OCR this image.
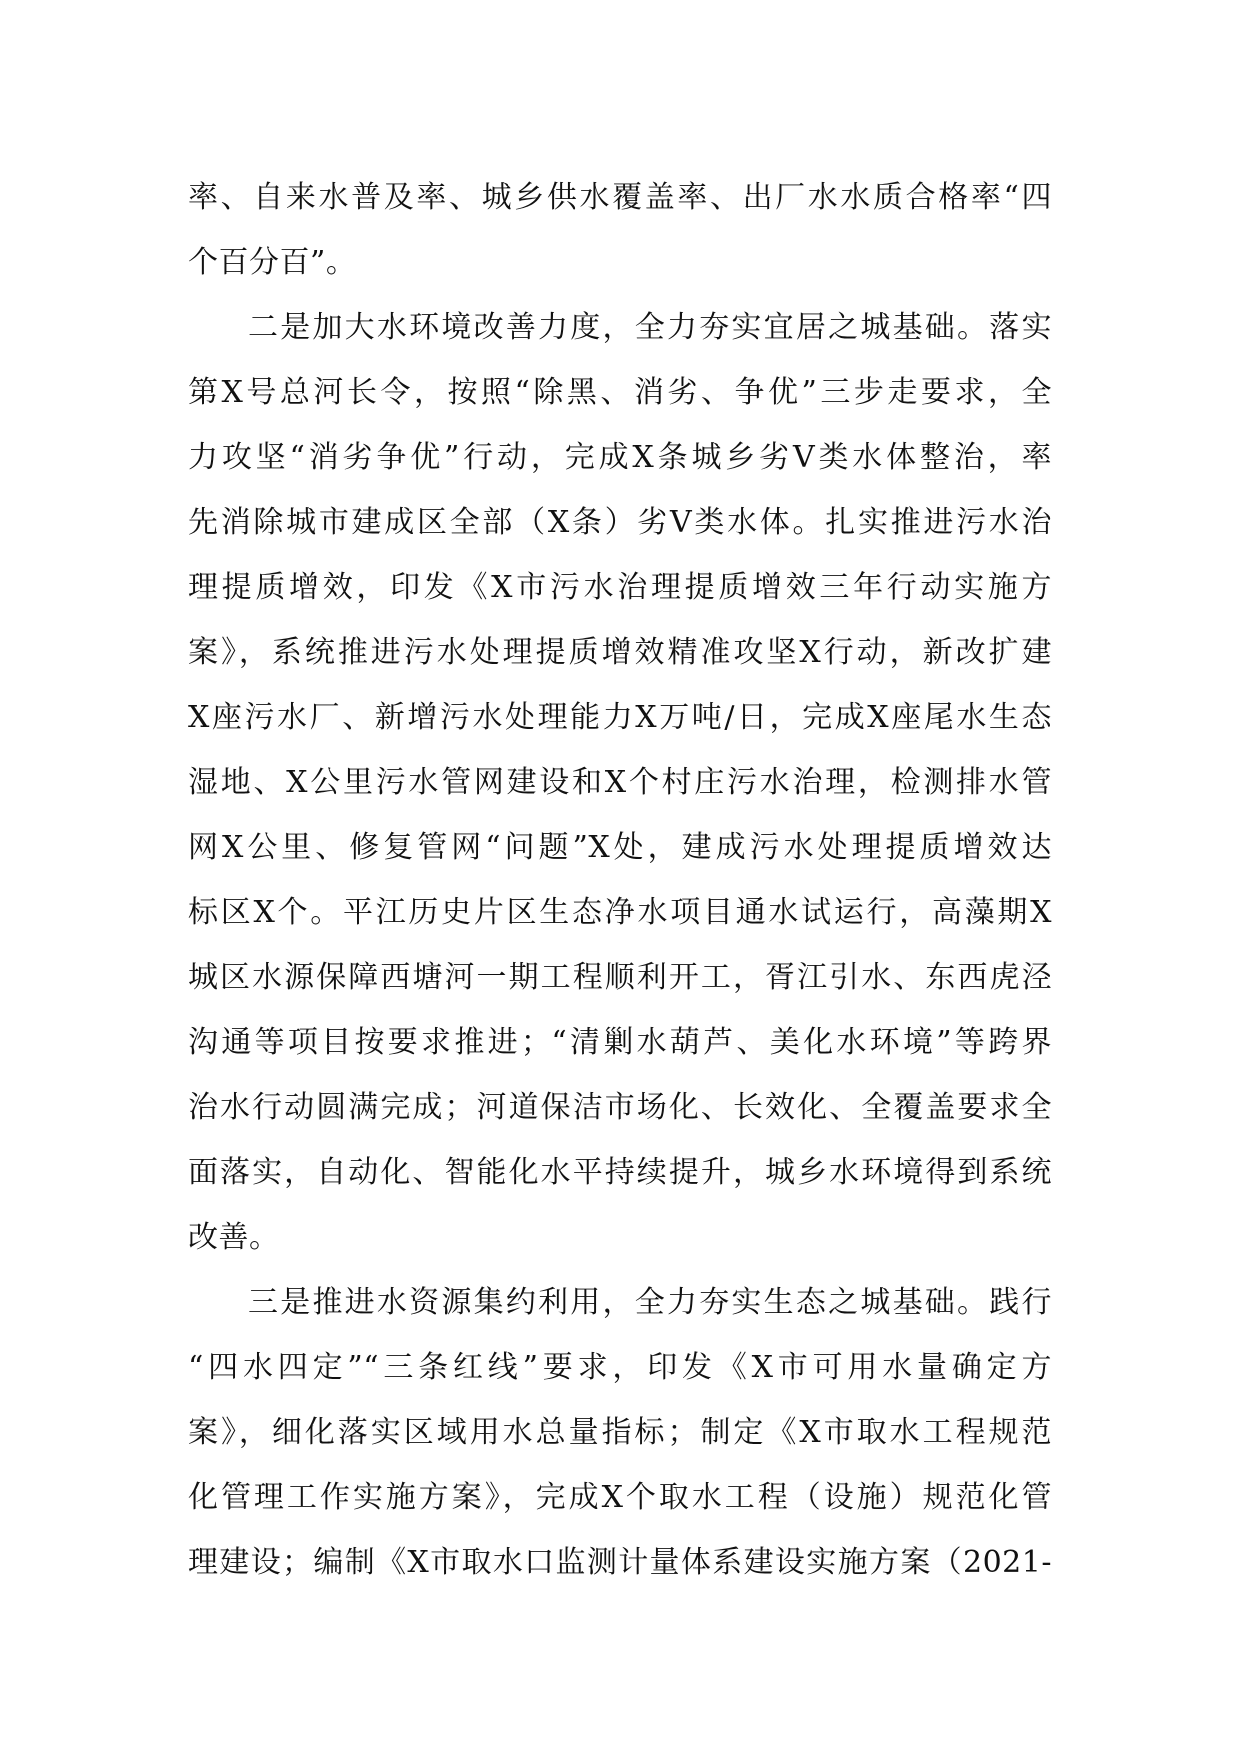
率、自来水普及率、城乡供水覆盖率、出厂水水质合格率“四
个百分百”。
二是加大水环境改善力度，全力夯实宜居之城基础。落实
第X号总河长令，按照“除黑、消劣、争优”三步走要求，全
力攻坚“消劣争优”行动，完成X条城乡劣Ⅴ类水体整治，率
先消除城市建成区全部（X条）劣Ⅴ类水体。扎实推进污水治
理提质增效，印发《X市污水治理提质增效三年行动实施方
案》，系统推进污水处理提质增效精准攻坚X行动，新改扩建
X座污水厂、新增污水处理能力X万吨/日，完成X座尾水生态
湿地、X公里污水管网建设和X个村庄污水治理，检测排水管
网X公里、修复管网“问题”X处，建成污水处理提质增效达
标区X个。平江历史片区生态净水项目通水试运行，高藻期X
城区水源保障西塘河一期工程顺利开工，胥江引水、东西虎泾
沟通等项目按要求推进；“清剿水葫芦、美化水环境”等跨界
治水行动圆满完成；河道保洁市场化、长效化、全覆盖要求全
面落实，自动化、智能化水平持续提升，城乡水环境得到系统
改善。
三是推进水资源集约利用，全力夯实生态之城基础。践行
“四水四定”“三条红线”要求，印发《X市可用水量确定方
案》，细化落实区域用水总量指标；制定《X市取水工程规范
化管理工作实施方案》，完成X个取水工程（设施）规范化管
理建设；编制《X市取水口监测计量体系建设实施方案（2021-
